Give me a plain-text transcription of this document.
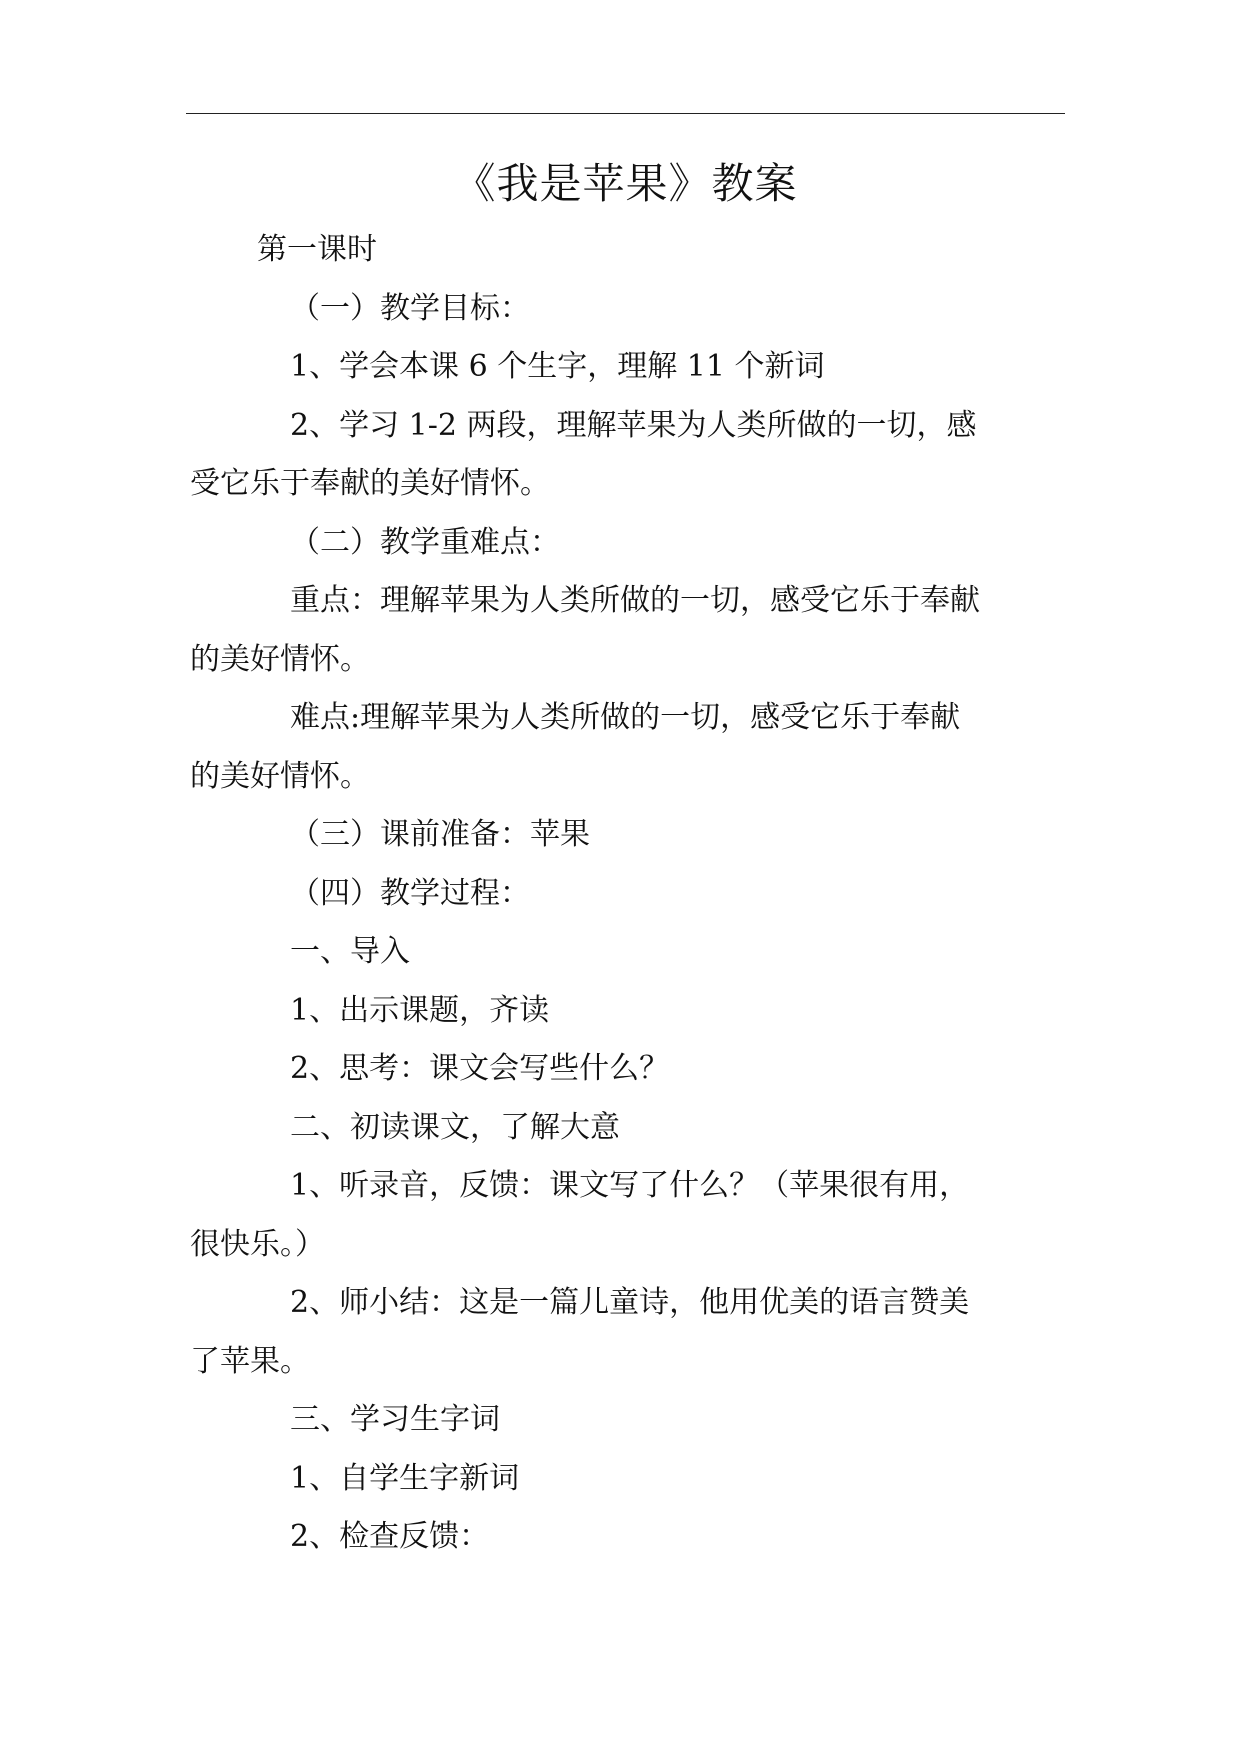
《我是苹果》教案
第一课时
（一）教学目标：
1、学会本课 6 个生字，理解 11 个新词
2、学习 1-2 两段，理解苹果为人类所做的一切，感
受它乐于奉献的美好情怀。
（二）教学重难点：
重点：理解苹果为人类所做的一切，感受它乐于奉献
的美好情怀。
难点:理解苹果为人类所做的一切，感受它乐于奉献
的美好情怀。
（三）课前准备：苹果
（四）教学过程：
一、导入
1、出示课题，齐读
2、思考：课文会写些什么？
二、初读课文，了解大意
1、听录音，反馈：课文写了什么？（苹果很有用，
很快乐。）
2、师小结：这是一篇儿童诗，他用优美的语言赞美
了苹果。
三、学习生字词
1、自学生字新词
2、检查反馈：
